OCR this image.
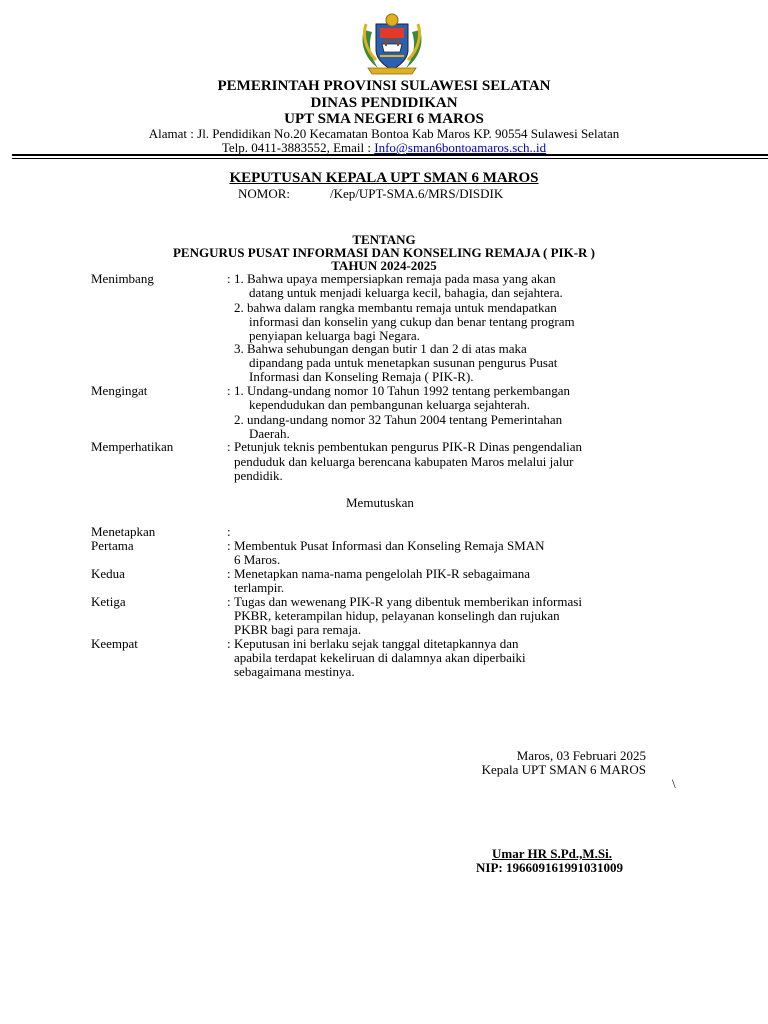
PEMERINTAH PROVINSI SULAWESI SELATAN
DINAS PENDIDIKAN
UPT SMA NEGERI 6 MAROS
Alamat : Jl. Pendidikan No.20 Kecamatan Bontoa Kab Maros KP. 90554 Sulawesi Selatan
Telp. 0411-3883552, Email : Info@sman6bontoamaros.sch..id
KEPUTUSAN KEPALA UPT SMAN 6 MAROS
NOMOR:	/Kep/UPT-SMA.6/MRS/DISDIK
TENTANG
PENGURUS PUSAT INFORMASI DAN KONSELING REMAJA ( PIK-R )
TAHUN 2024-2025
Menimbang	: 1. Bahwa upaya mempersiapkan remaja pada masa yang akan
datang untuk menjadi keluarga kecil, bahagia, dan sejahtera.
2. bahwa dalam rangka membantu remaja untuk mendapatkan
informasi dan konselin yang cukup dan benar tentang program
penyiapan keluarga bagi Negara.
3. Bahwa sehubungan dengan butir 1 dan 2 di atas maka
dipandang pada untuk menetapkan susunan pengurus Pusat
Informasi dan Konseling Remaja ( PIK-R).
Mengingat	: 1. Undang-undang nomor 10 Tahun 1992 tentang perkembangan
kependudukan dan pembangunan keluarga sejahterah.
2. undang-undang nomor 32 Tahun 2004 tentang Pemerintahan
Daerah.
Memperhatikan	: Petunjuk teknis pembentukan pengurus PIK-R Dinas pengendalian
penduduk dan keluarga berencana kabupaten Maros melalui jalur
pendidik.
Memutuskan
Menetapkan	:
Pertama	: Membentuk Pusat Informasi dan Konseling Remaja SMAN
6 Maros.
Kedua	: Menetapkan nama-nama pengelolah PIK-R sebagaimana
terlampir.
Ketiga	: Tugas dan wewenang PIK-R yang dibentuk memberikan informasi
PKBR, keterampilan hidup, pelayanan konselingh dan rujukan
PKBR bagi para remaja.
Keempat	: Keputusan ini berlaku sejak tanggal ditetapkannya dan
apabila terdapat kekeliruan di dalamnya akan diperbaiki
sebagaimana mestinya.
Maros, 03 Februari 2025
Kepala UPT SMAN 6 MAROS
\
Umar HR S.Pd.,M.Si.
NIP: 196609161991031009
